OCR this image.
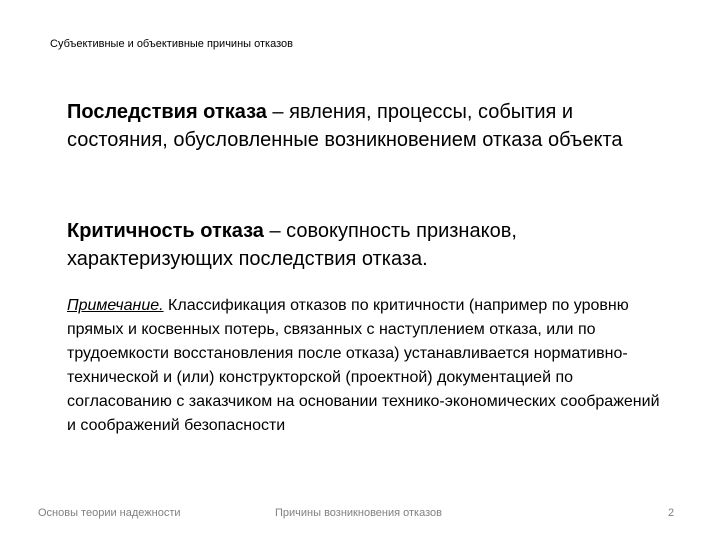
Субъективные и объективные причины отказов
Последствия отказа – явления, процессы, события и состояния, обусловленные возникновением отказа объекта
Критичность отказа – совокупность признаков, характеризующих последствия отказа.
Примечание. Классификация отказов по критичности (например по уровню прямых и косвенных потерь, связанных с наступлением отказа, или по трудоемкости восстановления после отказа) устанавливается нормативно-технической и (или) конструкторской (проектной) документацией по согласованию с заказчиком на основании технико-экономических соображений и соображений безопасности
Основы теории надежности	Причины возникновения отказов	2
